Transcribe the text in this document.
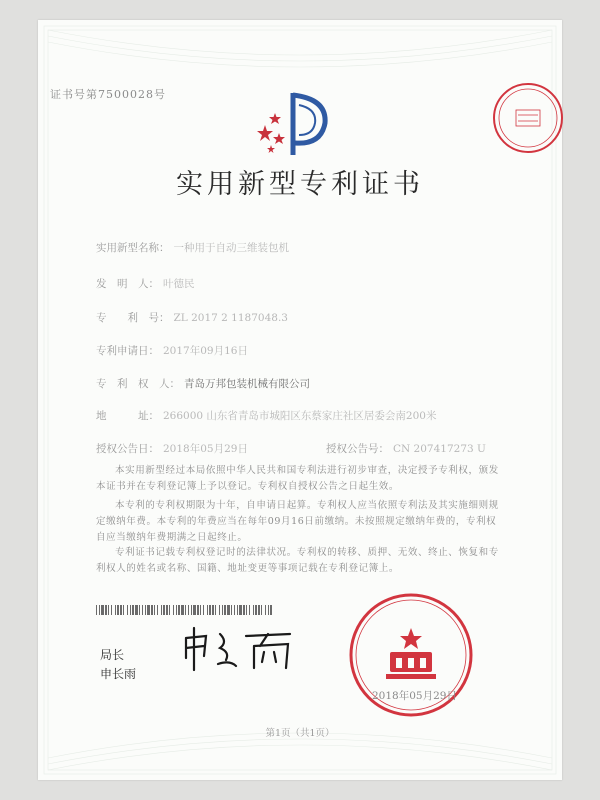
证书号第7500028号
实用新型专利证书
实用新型名称： 一种用于自动三维装包机
发　明　人： 叶德民
专　　利　号： ZL 2017 2 1187048.3
专利申请日： 2017年09月16日
专　利　权　人： 青岛万邦包装机械有限公司
地　　　址： 266000 山东省青岛市城阳区东蔡家庄社区居委会南200米
授权公告日： 2018年05月29日	授权公告号： CN 207417273 U
本实用新型经过本局依照中华人民共和国专利法进行初步审查，决定授予专利权，颁发本证书并在专利登记簿上予以登记。专利权自授权公告之日起生效。
本专利的专利权期限为十年，自申请日起算。专利权人应当依照专利法及其实施细则规定缴纳年费。本专利的年费应当在每年09月16日前缴纳。未按照规定缴纳年费的，专利权自应当缴纳年费期满之日起终止。
专利证书记载专利权登记时的法律状况。专利权的转移、质押、无效、终止、恢复和专利权人的姓名或名称、国籍、地址变更等事项记载在专利登记簿上。
局长
申长雨
2018年05月29日
第1页（共1页）
